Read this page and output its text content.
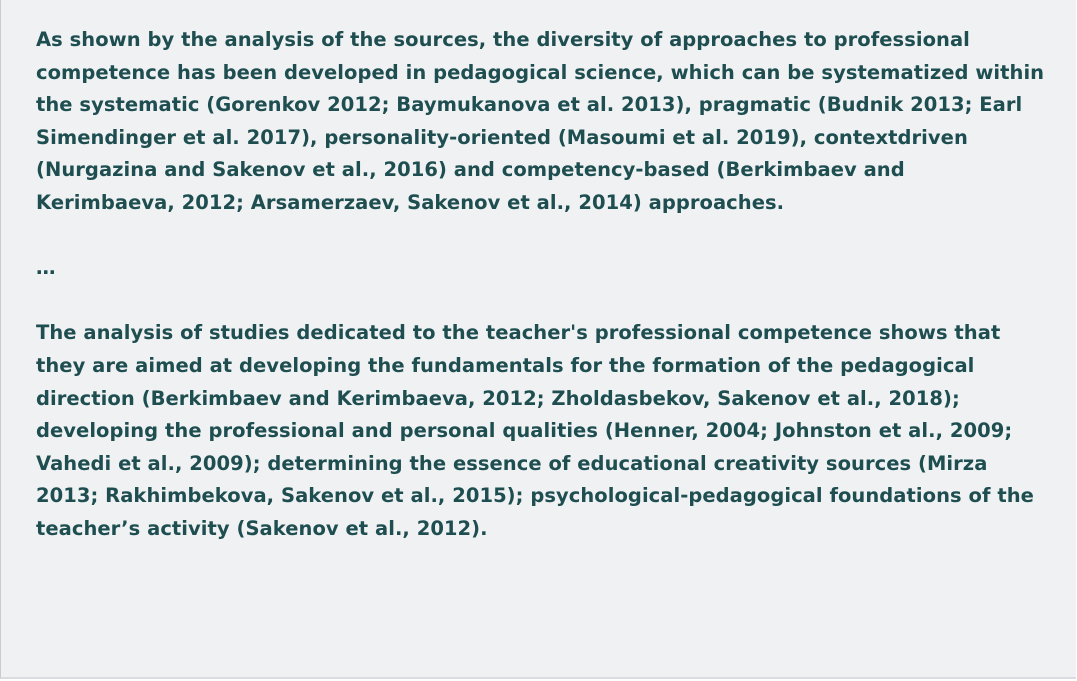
As shown by the analysis of the sources, the diversity of approaches to professional competence has been developed in pedagogical science, which can be systematized within the systematic (Gorenkov 2012; Baymukanova et al. 2013), pragmatic (Budnik 2013; Earl Simendinger et al. 2017), personality-oriented (Masoumi et al. 2019), contextdriven (Nurgazina and Sakenov et al., 2016) and competency-based (Berkimbaev and Kerimbaeva, 2012; Arsamerzaev, Sakenov et al., 2014) approaches.

…

The analysis of studies dedicated to the teacher's professional competence shows that they are aimed at developing the fundamentals for the formation of the pedagogical direction (Berkimbaev and Kerimbaeva, 2012; Zholdasbekov, Sakenov et al., 2018); developing the professional and personal qualities (Henner, 2004; Johnston et al., 2009; Vahedi et al., 2009); determining the essence of educational creativity sources (Mirza 2013; Rakhimbekova, Sakenov et al., 2015); psychological-pedagogical foundations of the teacher’s activity (Sakenov et al., 2012).
